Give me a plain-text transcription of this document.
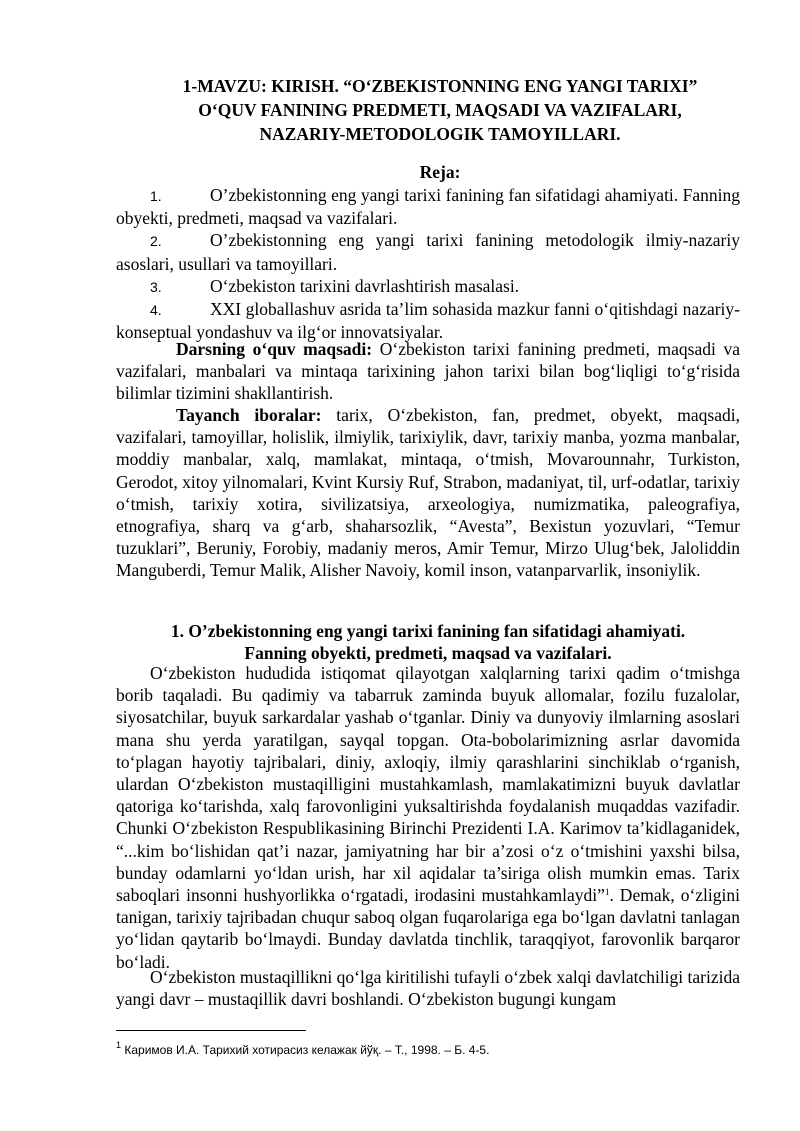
1-MAVZU: KIRISH. “O‘ZBEKISTONNING ENG YANGI TARIXI”
O‘QUV FANINING PREDMETI, MAQSADI VA VAZIFALARI,
NAZARIY-METODOLOGIK TAMOYILLARI.
Reja:
1.	O’zbekistonning eng yangi tarixi fanining fan sifatidagi ahamiyati. Fanning obyekti, predmeti, maqsad va vazifalari.
2.	O’zbekistonning eng yangi tarixi fanining metodologik ilmiy-nazariy asoslari, usullari va tamoyillari.
3.	O‘zbekiston tarixini davrlashtirish masalasi.
4.	XXI globallashuv asrida ta’lim sohasida mazkur fanni o‘qitishdagi nazariy-konseptual yondashuv va ilg‘or innovatsiyalar.
Darsning o‘quv maqsadi: O‘zbekiston tarixi fanining predmeti, maqsadi va vazifalari, manbalari va mintaqa tarixining jahon tarixi bilan bog‘liqligi to‘g‘risida bilimlar tizimini shakllantirish.
Tayanch iboralar: tarix, O‘zbekiston, fan, predmet, obyekt, maqsadi, vazifalari, tamoyillar, holislik, ilmiylik, tarixiylik, davr, tarixiy manba, yozma manbalar, moddiy manbalar, xalq, mamlakat, mintaqa, o‘tmish, Movarounnahr, Turkiston, Gerodot, xitoy yilnomalari, Kvint Kursiy Ruf, Strabon, madaniyat, til, urf-odatlar, tarixiy o‘tmish, tarixiy xotira, sivilizatsiya, arxeologiya, numizmatika, paleografiya, etnografiya, sharq va g‘arb, shaharsozlik, “Avesta”, Bexistun yozuvlari, “Temur tuzuklari”, Beruniy, Forobiy, madaniy meros, Amir Temur, Mirzo Ulug‘bek, Jaloliddin Manguberdi, Temur Malik, Alisher Navoiy, komil inson, vatanparvarlik, insoniylik.
1. O’zbekistonning eng yangi tarixi fanining fan sifatidagi ahamiyati.
Fanning obyekti, predmeti, maqsad va vazifalari.
O‘zbekiston hududida istiqomat qilayotgan xalqlarning tarixi qadim o‘tmishga borib taqaladi. Bu qadimiy va tabarruk zaminda buyuk allomalar, fozilu fuzalolar, siyosatchilar, buyuk sarkardalar yashab o‘tganlar. Diniy va dunyoviy ilmlarning asoslari mana shu yerda yaratilgan, sayqal topgan. Ota-bobolarimizning asrlar davomida to‘plagan hayotiy tajribalari, diniy, axloqiy, ilmiy qarashlarini sinchiklab o‘rganish, ulardan O‘zbekiston mustaqilligini mustahkamlash, mamlakatimizni buyuk davlatlar qatoriga ko‘tarishda, xalq farovonligini yuksaltirishda foydalanish muqaddas vazifadir. Chunki O‘zbekiston Respublikasining Birinchi Prezidenti I.A. Karimov ta’kidlaganidek, “...kim bo‘lishidan qat’i nazar, jamiyatning har bir a’zosi o‘z o‘tmishini yaxshi bilsa, bunday odamlarni yo‘ldan urish, har xil aqidalar ta’siriga olish mumkin emas. Tarix saboqlari insonni hushyorlikka o‘rgatadi, irodasini mustahkamlaydi”$^1$. Demak, o‘zligini tanigan, tarixiy tajribadan chuqur saboq olgan fuqarolariga ega bo‘lgan davlatni tanlagan yo‘lidan qaytarib bo‘lmaydi. Bunday davlatda tinchlik, taraqqiyot, farovonlik barqaror bo‘ladi.
O‘zbekiston mustaqillikni qo‘lga kiritilishi tufayli o‘zbek xalqi davlatchiligi tarizida yangi davr – mustaqillik davri boshlandi. O‘zbekiston bugungi kungam
$^1$ Каримов И.А. Тарихий хотирасиз келажак йўқ. – Т., 1998. – Б. 4-5.
